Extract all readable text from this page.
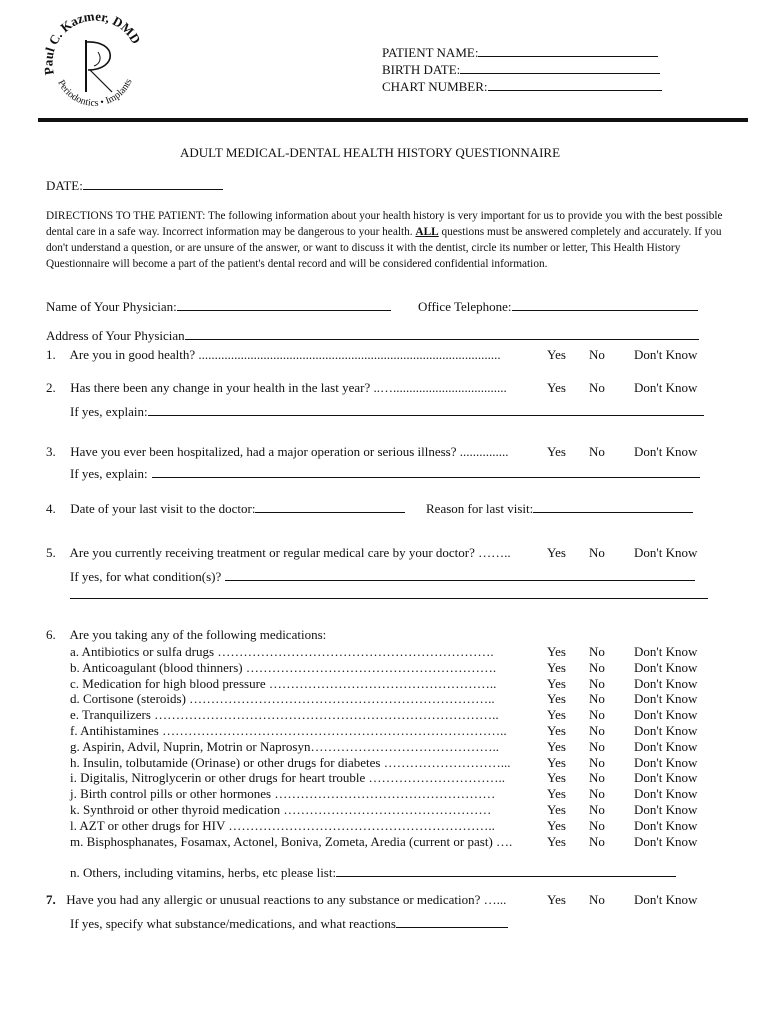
Paul C. Kazmer, DMD
Periodontics • Implants
PATIENT NAME:
BIRTH DATE:
CHART NUMBER:
ADULT MEDICAL-DENTAL HEALTH HISTORY QUESTIONNAIRE
DATE:
DIRECTIONS TO THE PATIENT: The following information about your health history is very important for us to provide you with the best possible dental care in a safe way. Incorrect information may be dangerous to your health. ALL questions must be answered completely and accurately. If you don't understand a question, or are unsure of the answer, or want to discuss it with the dentist, circle its number or letter, This Health History Questionnaire will become a part of the patient's dental record and will be considered confidential information.
Name of Your Physician:	Office Telephone:
Address of Your Physician
1. Are you in good health? .............................................................................................	Yes No Don't Know
2. Has there been any change in your health in the last year? ..…...................................	Yes No Don't Know
If yes, explain:
3. Have you ever been hospitalized, had a major operation or serious illness? ...............	Yes No Don't Know
If yes, explain:
4. Date of your last visit to the doctor:	Reason for last visit:
5. Are you currently receiving treatment or regular medical care by your doctor? ……..	Yes No Don't Know
If yes, for what condition(s)?
6. Are you taking any of the following medications:
a. Antibiotics or sulfa drugs ……………………………………………………….	Yes No Don't Know
b. Anticoagulant (blood thinners) ………………………………………………….	Yes No Don't Know
c. Medication for high blood pressure ……………………………………………..	Yes No Don't Know
d. Cortisone (steroids) ……………………………………………………………..	Yes No Don't Know
e. Tranquilizers ……………………………………………………………………..	Yes No Don't Know
f. Antihistamines ……………………………………………………………………..	Yes No Don't Know
g. Aspirin, Advil, Nuprin, Motrin or Naprosyn……………………………………..	Yes No Don't Know
h. Insulin, tolbutamide (Orinase) or other drugs for diabetes ………………………...	Yes No Don't Know
i. Digitalis, Nitroglycerin or other drugs for heart trouble …………………………..	Yes No Don't Know
j. Birth control pills or other hormones ……………………………………………	Yes No Don't Know
k. Synthroid or other thyroid medication …………………………………………	Yes No Don't Know
l. AZT or other drugs for HIV ……………………………………………………..	Yes No Don't Know
m. Bisphosphanates, Fosamax, Actonel, Boniva, Zometa, Aredia (current or past) ….	Yes No Don't Know
n. Others, including vitamins, herbs, etc please list:
7. Have you had any allergic or unusual reactions to any substance or medication? …...	Yes No Don't Know
If yes, specify what substance/medications, and what reactions
